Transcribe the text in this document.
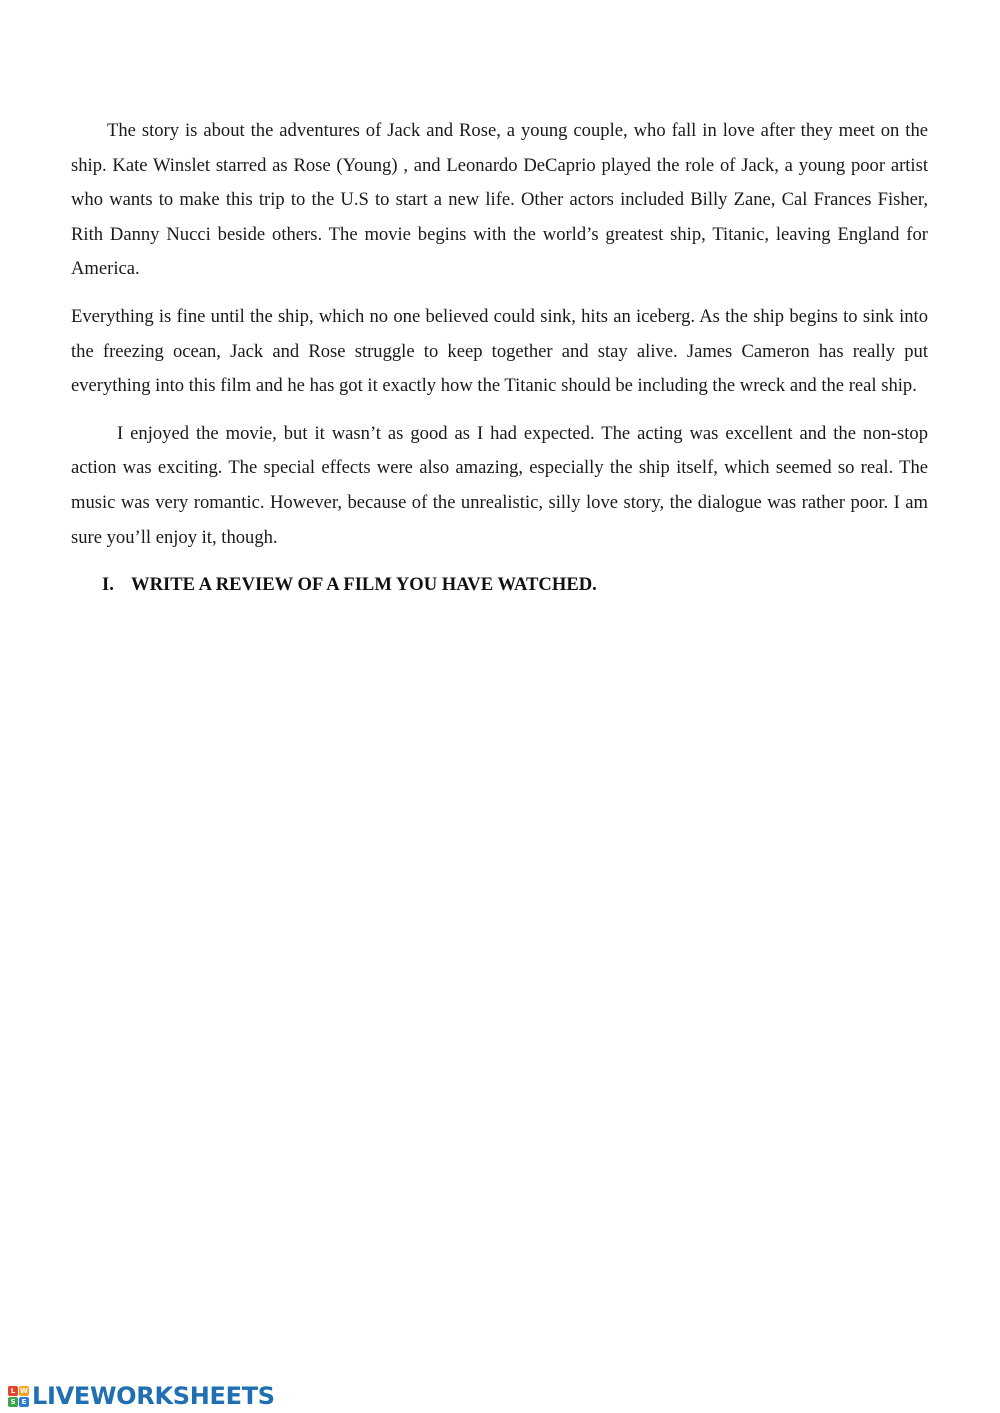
The story is about the adventures of Jack and Rose, a young couple, who fall in love after they meet on the ship. Kate Winslet starred as Rose (Young) , and Leonardo DeCaprio played the role of Jack, a young poor artist who wants to make this trip to the U.S to start a new life. Other actors included Billy Zane, Cal Frances Fisher, Rith Danny Nucci beside others. The movie begins with the world’s greatest ship, Titanic, leaving England for America.

Everything is fine until the ship, which no one believed could sink, hits an iceberg. As the ship begins to sink into the freezing ocean, Jack and Rose struggle to keep together and stay alive. James Cameron has really put everything into this film and he has got it exactly how the Titanic should be including the wreck and the real ship.

I enjoyed the movie, but it wasn’t as good as I had expected. The acting was excellent and the non-stop action was exciting. The special effects were also amazing, especially the ship itself, which seemed so real. The music was very romantic. However, because of the unrealistic, silly love story, the dialogue was rather poor. I am sure you’ll enjoy it, though.

I. WRITE A REVIEW OF A FILM YOU HAVE WATCHED.
L W
S E LIVEWORKSHEETS
